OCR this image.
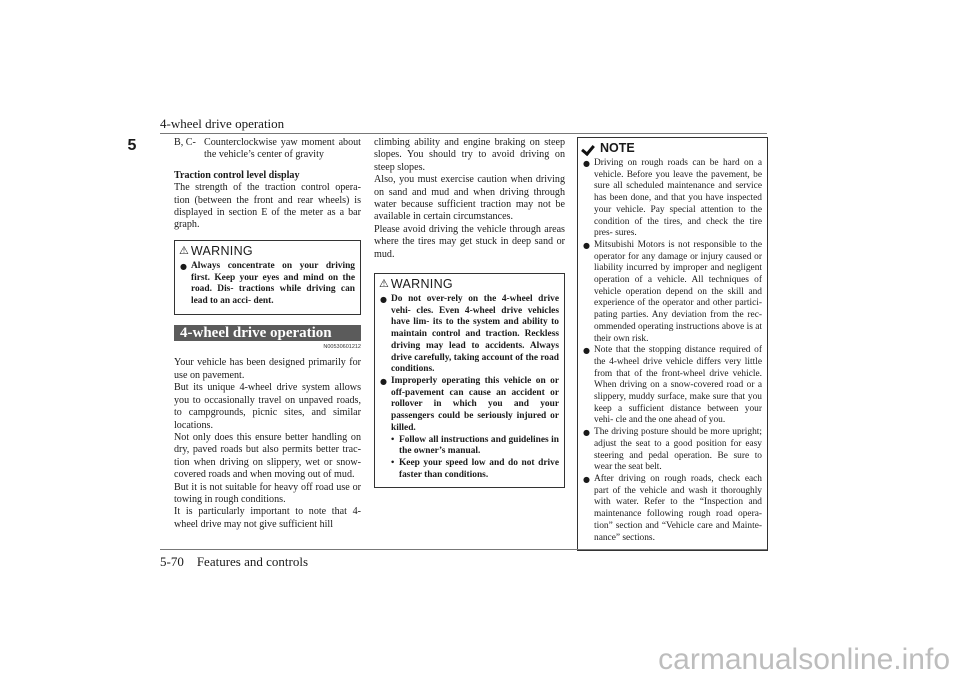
4-wheel drive operation
5	B, C- Counterclockwise yaw moment about the vehicle’s center of gravity

Traction control level display

The strength of the traction control opera- tion (between the front and rear wheels) is displayed in section E of the meter as a bar graph.

⚠ WARNING
● Always concentrate on your driving first. Keep your eyes and mind on the road. Dis- tractions while driving can lead to an acci- dent.
4-wheel drive operation
N00530601212

Your vehicle has been designed primarily for use on pavement.

But its unique 4-wheel drive system allows you to occasionally travel on unpaved roads, to campgrounds, picnic sites, and similar locations.

Not only does this ensure better handling on dry, paved roads but also permits better trac- tion when driving on slippery, wet or snow- covered roads and when moving out of mud.

But it is not suitable for heavy off road use or towing in rough conditions.

It is particularly important to note that 4- wheel drive may not give sufficient hill

climbing ability and engine braking on steep slopes. You should try to avoid driving on steep slopes.

Also, you must exercise caution when driving on sand and mud and when driving through water because sufficient traction may not be available in certain circumstances.

Please avoid driving the vehicle through areas where the tires may get stuck in deep sand or mud.

⚠ WARNING
● Do not over-rely on the 4-wheel drive vehi- cles. Even 4-wheel drive vehicles have lim- its to the system and ability to maintain control and traction. Reckless driving may lead to accidents. Always drive carefully, taking account of the road conditions.
● Improperly operating this vehicle on or off-pavement can cause an accident or rollover in which you and your passengers could be seriously injured or killed.
• Follow all instructions and guidelines in the owner’s manual.
• Keep your speed low and do not drive faster than conditions.
NOTE
● Driving on rough roads can be hard on a vehicle. Before you leave the pavement, be sure all scheduled maintenance and service has been done, and that you have inspected your vehicle. Pay special attention to the condition of the tires, and check the tire pres- sures.
● Mitsubishi Motors is not responsible to the operator for any damage or injury caused or liability incurred by improper and negligent operation of a vehicle. All techniques of vehicle operation depend on the skill and experience of the operator and other partici- pating parties. Any deviation from the rec- ommended operating instructions above is at their own risk.
● Note that the stopping distance required of the 4-wheel drive vehicle differs very little from that of the front-wheel drive vehicle. When driving on a snow-covered road or a slippery, muddy surface, make sure that you keep a sufficient distance between your vehi- cle and the one ahead of you.
● The driving posture should be more upright; adjust the seat to a good position for easy steering and pedal operation. Be sure to wear the seat belt.
● After driving on rough roads, check each part of the vehicle and wash it thoroughly with water. Refer to the “Inspection and maintenance following rough road opera- tion” section and “Vehicle care and Mainte- nance” sections.
5-70    Features and controls
carmanualsonline.info
